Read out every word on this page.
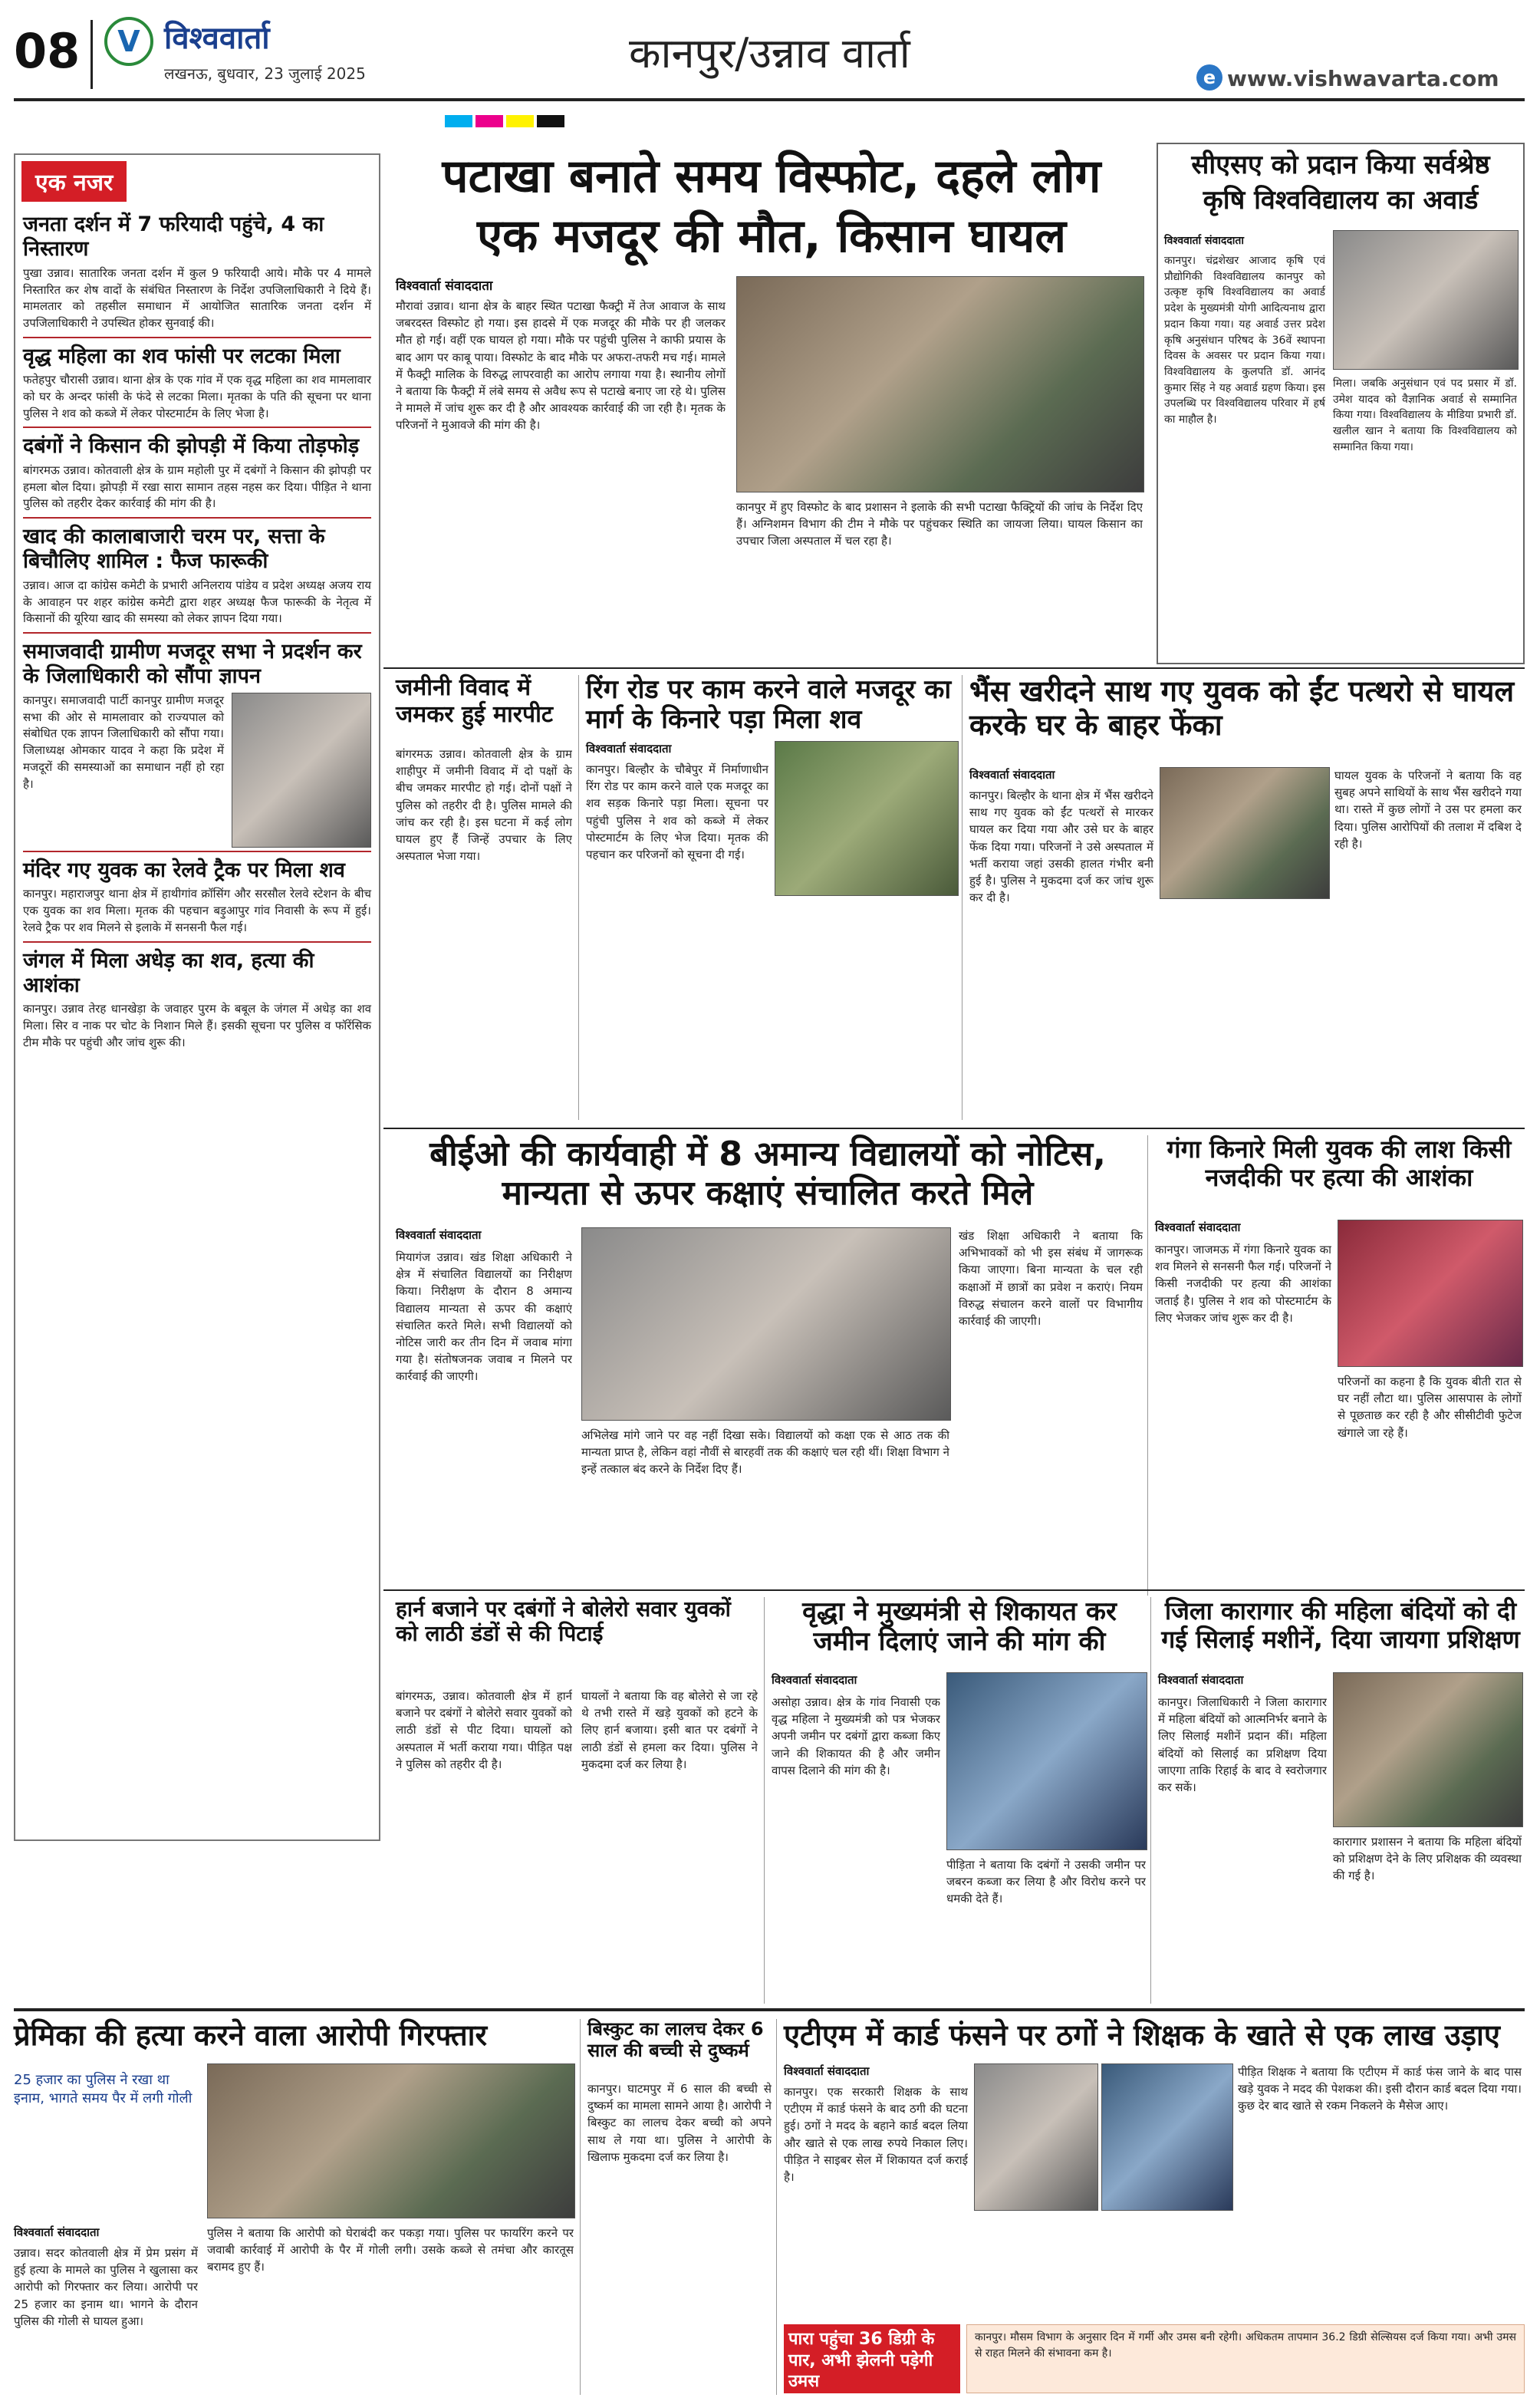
08	V विश्ववार्ता
लखनऊ, बुधवार, 23 जुलाई 2025	कानपुर/उन्नाव वार्ता	e www.vishwavarta.com
एक नजर
जनता दर्शन में 7 फरियादी पहुंचे, 4 का निस्तारण
पुखा उन्नाव। सातारिक जनता दर्शन में कुल 9 फरियादी आये। मौके पर 4 मामले निस्तारित कर शेष वादों के संबंधित निस्तारण के निर्देश उपजिलाधिकारी ने दिये हैं। मामलतार को तहसील समाधान में आयोजित सातारिक जनता दर्शन में उपजिलाधिकारी ने उपस्थित होकर सुनवाई की।
वृद्ध महिला का शव फांसी पर लटका मिला
फतेहपुर चौरासी उन्नाव। थाना क्षेत्र के एक गांव में एक वृद्ध महिला का शव मामलावार को घर के अन्दर फांसी के फंदे से लटका मिला। मृतका के पति की सूचना पर थाना पुलिस ने शव को कब्जे में लेकर पोस्टमार्टम के लिए भेजा है।
दबंगों ने किसान की झोपड़ी में किया तोड़फोड़
बांगरमऊ उन्नाव। कोतवाली क्षेत्र के ग्राम महोली पुर में दबंगों ने किसान की झोपड़ी पर हमला बोल दिया। झोपड़ी में रखा सारा सामान तहस नहस कर दिया। पीड़ित ने थाना पुलिस को तहरीर देकर कार्रवाई की मांग की है।
खाद की कालाबाजारी चरम पर, सत्ता के बिचौलिए शामिल : फैज फारूकी
उन्नाव। आज दा कांग्रेस कमेटी के प्रभारी अनिलराय पांडेय व प्रदेश अध्यक्ष अजय राय के आवाहन पर शहर कांग्रेस कमेटी द्वारा शहर अध्यक्ष फैज फारूकी के नेतृत्व में किसानों की यूरिया खाद की समस्या को लेकर ज्ञापन दिया गया।
समाजवादी ग्रामीण मजदूर सभा ने प्रदर्शन कर के जिलाधिकारी को सौंपा ज्ञापन
कानपुर। समाजवादी पार्टी कानपुर ग्रामीण मजदूर सभा की ओर से मामलावार को राज्यपाल को संबोधित एक ज्ञापन जिलाधिकारी को सौंपा गया। जिलाध्यक्ष ओमकार यादव ने कहा कि प्रदेश में मजदूरों की समस्याओं का समाधान नहीं हो रहा है।
मंदिर गए युवक का रेलवे ट्रैक पर मिला शव
कानपुर। महाराजपुर थाना क्षेत्र में हाथीगांव क्रॉसिंग और सरसौल रेलवे स्टेशन के बीच एक युवक का शव मिला। मृतक की पहचान बड़ुआपुर गांव निवासी के रूप में हुई। रेलवे ट्रैक पर शव मिलने से इलाके में सनसनी फैल गई।
जंगल में मिला अधेड़ का शव, हत्या की आशंका
कानपुर। उन्नाव तेरह धानखेड़ा के जवाहर पुरम के बबूल के जंगल में अधेड़ का शव मिला। सिर व नाक पर चोट के निशान मिले हैं। इसकी सूचना पर पुलिस व फॉरेंसिक टीम मौके पर पहुंची और जांच शुरू की।
पटाखा बनाते समय विस्फोट, दहले लोग
एक मजदूर की मौत, किसान घायल
विश्ववार्ता संवाददाता
मौरावां उन्नाव। थाना क्षेत्र के बाहर स्थित पटाखा फैक्ट्री में तेज आवाज के साथ जबरदस्त विस्फोट हो गया। इस हादसे में एक मजदूर की मौके पर ही जलकर मौत हो गई। वहीं एक घायल हो गया। मौके पर पहुंची पुलिस ने काफी प्रयास के बाद आग पर काबू पाया। विस्फोट के बाद मौके पर अफरा-तफरी मच गई। मामले में फैक्ट्री मालिक के विरुद्ध लापरवाही का आरोप लगाया गया है। स्थानीय लोगों ने बताया कि फैक्ट्री में लंबे समय से अवैध रूप से पटाखे बनाए जा रहे थे। पुलिस ने मामले में जांच शुरू कर दी है और आवश्यक कार्रवाई की जा रही है। मृतक के परिजनों ने मुआवजे की मांग की है।
कानपुर में हुए विस्फोट के बाद प्रशासन ने इलाके की सभी पटाखा फैक्ट्रियों की जांच के निर्देश दिए हैं। अग्निशमन विभाग की टीम ने मौके पर पहुंचकर स्थिति का जायजा लिया। घायल किसान का उपचार जिला अस्पताल में चल रहा है।
सीएसए को प्रदान किया सर्वश्रेष्ठ
कृषि विश्वविद्यालय का अवार्ड
विश्ववार्ता संवाददाता
कानपुर। चंद्रशेखर आजाद कृषि एवं प्रौद्योगिकी विश्वविद्यालय कानपुर को उत्कृष्ट कृषि विश्वविद्यालय का अवार्ड प्रदेश के मुख्यमंत्री योगी आदित्यनाथ द्वारा प्रदान किया गया। यह अवार्ड उत्तर प्रदेश कृषि अनुसंधान परिषद के 36वें स्थापना दिवस के अवसर पर प्रदान किया गया। विश्वविद्यालय के कुलपति डॉ. आनंद कुमार सिंह ने यह अवार्ड ग्रहण किया। इस उपलब्धि पर विश्वविद्यालय परिवार में हर्ष का माहौल है।
मिला। जबकि अनुसंधान एवं पद प्रसार में डॉ. उमेश यादव को वैज्ञानिक अवार्ड से सम्मानित किया गया। विश्वविद्यालय के मीडिया प्रभारी डॉ. खलील खान ने बताया कि विश्वविद्यालय को सम्मानित किया गया।
जमीनी विवाद में जमकर हुई मारपीट
बांगरमऊ उन्नाव। कोतवाली क्षेत्र के ग्राम शाहीपुर में जमीनी विवाद में दो पक्षों के बीच जमकर मारपीट हो गई। दोनों पक्षों ने पुलिस को तहरीर दी है। पुलिस मामले की जांच कर रही है। इस घटना में कई लोग घायल हुए हैं जिन्हें उपचार के लिए अस्पताल भेजा गया।
रिंग रोड पर काम करने वाले मजदूर का मार्ग के किनारे पड़ा मिला शव
विश्ववार्ता संवाददाता
कानपुर। बिल्हौर के चौबेपुर में निर्माणाधीन रिंग रोड पर काम करने वाले एक मजदूर का शव सड़क किनारे पड़ा मिला। सूचना पर पहुंची पुलिस ने शव को कब्जे में लेकर पोस्टमार्टम के लिए भेज दिया। मृतक की पहचान कर परिजनों को सूचना दी गई।
भैंस खरीदने साथ गए युवक को ईंट पत्थरो से घायल करके घर के बाहर फेंका
विश्ववार्ता संवाददाता
कानपुर। बिल्हौर के थाना क्षेत्र में भैंस खरीदने साथ गए युवक को ईंट पत्थरों से मारकर घायल कर दिया गया और उसे घर के बाहर फेंक दिया गया। परिजनों ने उसे अस्पताल में भर्ती कराया जहां उसकी हालत गंभीर बनी हुई है। पुलिस ने मुकदमा दर्ज कर जांच शुरू कर दी है।
घायल युवक के परिजनों ने बताया कि वह सुबह अपने साथियों के साथ भैंस खरीदने गया था। रास्ते में कुछ लोगों ने उस पर हमला कर दिया। पुलिस आरोपियों की तलाश में दबिश दे रही है।
बीईओ की कार्यवाही में 8 अमान्य विद्यालयों को नोटिस, मान्यता से ऊपर कक्षाएं संचालित करते मिले
विश्ववार्ता संवाददाता
मियागंज उन्नाव। खंड शिक्षा अधिकारी ने क्षेत्र में संचालित विद्यालयों का निरीक्षण किया। निरीक्षण के दौरान 8 अमान्य विद्यालय मान्यता से ऊपर की कक्षाएं संचालित करते मिले। सभी विद्यालयों को नोटिस जारी कर तीन दिन में जवाब मांगा गया है। संतोषजनक जवाब न मिलने पर कार्रवाई की जाएगी।
अभिलेख मांगे जाने पर वह नहीं दिखा सके। विद्यालयों को कक्षा एक से आठ तक की मान्यता प्राप्त है, लेकिन वहां नौवीं से बारहवीं तक की कक्षाएं चल रही थीं। शिक्षा विभाग ने इन्हें तत्काल बंद करने के निर्देश दिए हैं।
खंड शिक्षा अधिकारी ने बताया कि अभिभावकों को भी इस संबंध में जागरूक किया जाएगा। बिना मान्यता के चल रही कक्षाओं में छात्रों का प्रवेश न कराएं। नियम विरुद्ध संचालन करने वालों पर विभागीय कार्रवाई की जाएगी।
गंगा किनारे मिली युवक की लाश किसी नजदीकी पर हत्या की आशंका
विश्ववार्ता संवाददाता
कानपुर। जाजमऊ में गंगा किनारे युवक का शव मिलने से सनसनी फैल गई। परिजनों ने किसी नजदीकी पर हत्या की आशंका जताई है। पुलिस ने शव को पोस्टमार्टम के लिए भेजकर जांच शुरू कर दी है।
परिजनों का कहना है कि युवक बीती रात से घर नहीं लौटा था। पुलिस आसपास के लोगों से पूछताछ कर रही है और सीसीटीवी फुटेज खंगाले जा रहे हैं।
हार्न बजाने पर दबंगों ने बोलेरो सवार युवकों को लाठी डंडों से की पिटाई
बांगरमऊ, उन्नाव। कोतवाली क्षेत्र में हार्न बजाने पर दबंगों ने बोलेरो सवार युवकों को लाठी डंडों से पीट दिया। घायलों को अस्पताल में भर्ती कराया गया। पीड़ित पक्ष ने पुलिस को तहरीर दी है।
घायलों ने बताया कि वह बोलेरो से जा रहे थे तभी रास्ते में खड़े युवकों को हटने के लिए हार्न बजाया। इसी बात पर दबंगों ने लाठी डंडों से हमला कर दिया। पुलिस ने मुकदमा दर्ज कर लिया है।
वृद्धा ने मुख्यमंत्री से शिकायत कर जमीन दिलाएं जाने की मांग की
विश्ववार्ता संवाददाता
असोहा उन्नाव। क्षेत्र के गांव निवासी एक वृद्ध महिला ने मुख्यमंत्री को पत्र भेजकर अपनी जमीन पर दबंगों द्वारा कब्जा किए जाने की शिकायत की है और जमीन वापस दिलाने की मांग की है।
पीड़िता ने बताया कि दबंगों ने उसकी जमीन पर जबरन कब्जा कर लिया है और विरोध करने पर धमकी देते हैं।
जिला कारागार की महिला बंदियों को दी गई सिलाई मशीनें, दिया जायगा प्रशिक्षण
विश्ववार्ता संवाददाता
कानपुर। जिलाधिकारी ने जिला कारागार में महिला बंदियों को आत्मनिर्भर बनाने के लिए सिलाई मशीनें प्रदान कीं। महिला बंदियों को सिलाई का प्रशिक्षण दिया जाएगा ताकि रिहाई के बाद वे स्वरोजगार कर सकें।
कारागार प्रशासन ने बताया कि महिला बंदियों को प्रशिक्षण देने के लिए प्रशिक्षक की व्यवस्था की गई है।
प्रेमिका की हत्या करने वाला आरोपी गिरफ्तार
25 हजार का पुलिस ने रखा था इनाम, भागते समय पैर में लगी गोली
विश्ववार्ता संवाददाता
उन्नाव। सदर कोतवाली क्षेत्र में प्रेम प्रसंग में हुई हत्या के मामले का पुलिस ने खुलासा कर आरोपी को गिरफ्तार कर लिया। आरोपी पर 25 हजार का इनाम था। भागने के दौरान पुलिस की गोली से घायल हुआ।
पुलिस ने बताया कि आरोपी को घेराबंदी कर पकड़ा गया। पुलिस पर फायरिंग करने पर जवाबी कार्रवाई में आरोपी के पैर में गोली लगी। उसके कब्जे से तमंचा और कारतूस बरामद हुए हैं।
बिस्कुट का लालच देकर 6 साल की बच्ची से दुष्कर्म
कानपुर। घाटमपुर में 6 साल की बच्ची से दुष्कर्म का मामला सामने आया है। आरोपी ने बिस्कुट का लालच देकर बच्ची को अपने साथ ले गया था। पुलिस ने आरोपी के खिलाफ मुकदमा दर्ज कर लिया है।
एटीएम में कार्ड फंसने पर ठगों ने शिक्षक के खाते से एक लाख उड़ाए
विश्ववार्ता संवाददाता
कानपुर। एक सरकारी शिक्षक के साथ एटीएम में कार्ड फंसने के बाद ठगी की घटना हुई। ठगों ने मदद के बहाने कार्ड बदल लिया और खाते से एक लाख रुपये निकाल लिए। पीड़ित ने साइबर सेल में शिकायत दर्ज कराई है।
पीड़ित शिक्षक ने बताया कि एटीएम में कार्ड फंस जाने के बाद पास खड़े युवक ने मदद की पेशकश की। इसी दौरान कार्ड बदल दिया गया। कुछ देर बाद खाते से रकम निकलने के मैसेज आए।
पारा पहुंचा 36 डिग्री के पार, अभी झेलनी पड़ेगी उमस
कानपुर। मौसम विभाग के अनुसार दिन में गर्मी और उमस बनी रहेगी। अधिकतम तापमान 36.2 डिग्री सेल्सियस दर्ज किया गया। अभी उमस से राहत मिलने की संभावना कम है।
